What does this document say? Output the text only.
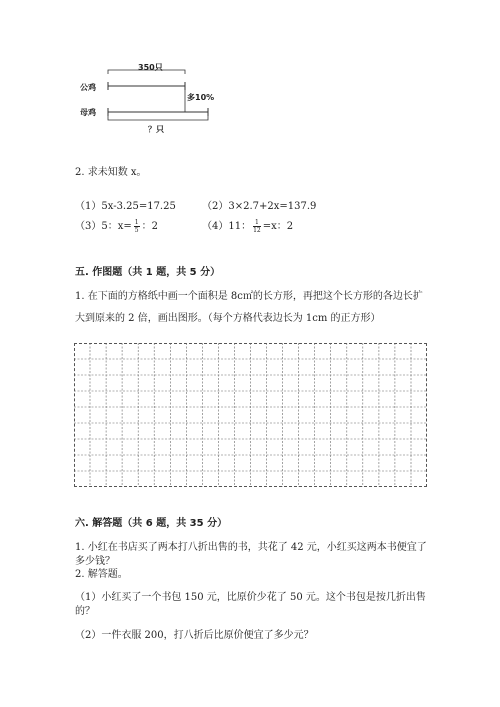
350只
公鸡
母鸡
多10%
？只
2. 求未知数 x。
（1）5x-3.25=17.25	（2）3×2.7+2x=137.9
（3）5：$x= \frac{1}{5}$ ：2	（4）11： $\frac{1}{12} =x$：2
五. 作图题（共 1 题，共 5 分）
1. 在下面的方格纸中画一个面积是 8c㎡的长方形，再把这个长方形的各边长扩
大到原来的 2 倍，画出图形。（每个方格代表边长为 1cm 的正方形）
六. 解答题（共 6 题，共 35 分）
1. 小红在书店买了两本打八折出售的书，共花了 42 元，小红买这两本书便宜了
多少钱？
2. 解答题。
（1）小红买了一个书包 150 元，比原价少花了 50 元。这个书包是按几折出售
的？
（2）一件衣服 200，打八折后比原价便宜了多少元？
